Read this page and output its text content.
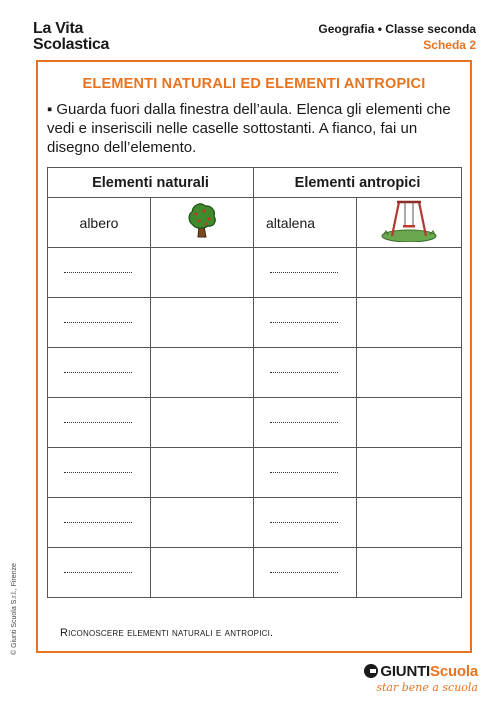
La Vita
Scolastica
Geografia • Classe seconda
Scheda 2
ELEMENTI NATURALI ED ELEMENTI ANTROPICI
▪ Guarda fuori dalla finestra dell’aula. Elenca gli elementi che vedi e inseriscili nelle caselle sottostanti. A fianco, fai un disegno dell’elemento.
Elementi naturali		Elementi antropici	
albero		altalena	

Riconoscere elementi naturali e antropici.
© Giunti Scuola S.r.l., Firenze
GIUNTIScuola
star bene a scuola
